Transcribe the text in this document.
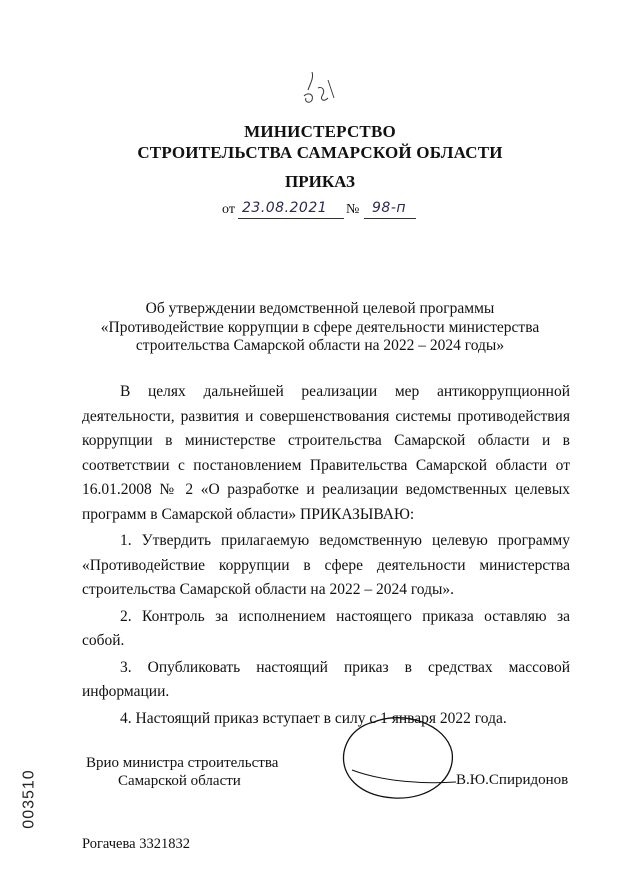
МИНИСТЕРСТВО
СТРОИТЕЛЬСТВА САМАРСКОЙ ОБЛАСТИ
ПРИКАЗ
от 23.08.2021 № 98-п
Об утверждении ведомственной целевой программы
«Противодействие коррупции в сфере деятельности министерства
строительства Самарской области на 2022 – 2024 годы»

В целях дальнейшей реализации мер антикоррупционной деятельности, развития и совершенствования системы противодействия коррупции в министерстве строительства Самарской области и в соответствии с постановлением Правительства Самарской области от 16.01.2008 № 2 «О разработке и реализации ведомственных целевых программ в Самарской области» ПРИКАЗЫВАЮ:

1. Утвердить прилагаемую ведомственную целевую программу «Противодействие коррупции в сфере деятельности министерства строительства Самарской области на 2022 – 2024 годы».

2. Контроль за исполнением настоящего приказа оставляю за собой.

3. Опубликовать настоящий приказ в средствах массовой информации.

4. Настоящий приказ вступает в силу с 1 января 2022 года.

Врио министра строительства
Самарской области	В.Ю.Спиридонов
003510
Рогачева 3321832
